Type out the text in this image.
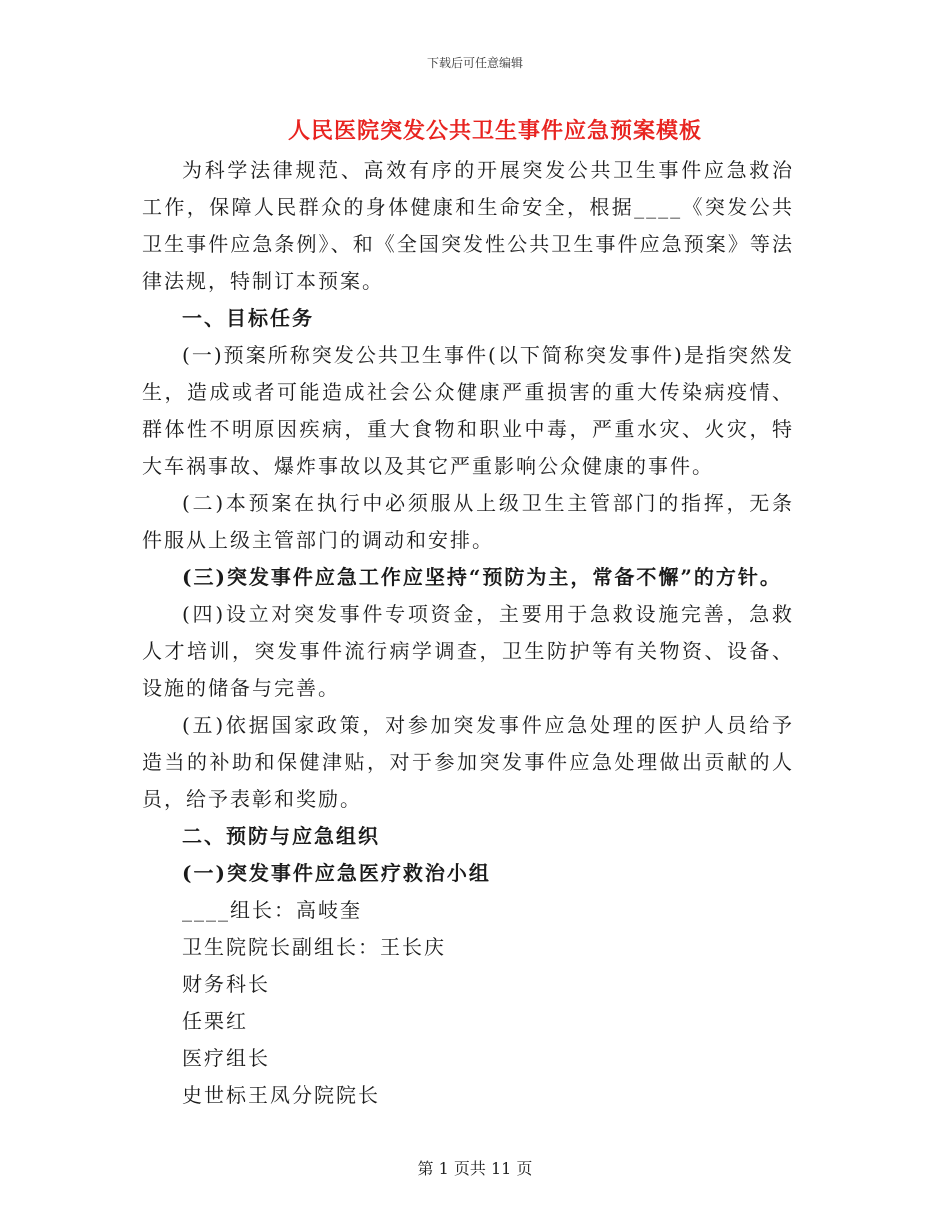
下载后可任意编辑
人民医院突发公共卫生事件应急预案模板

为科学法律规范、高效有序的开展突发公共卫生事件应急救治工作，保障人民群众的身体健康和生命安全，根据____《突发公共卫生事件应急条例》、和《全国突发性公共卫生事件应急预案》等法律法规，特制订本预案。

一、目标任务

(一)预案所称突发公共卫生事件(以下简称突发事件)是指突然发生，造成或者可能造成社会公众健康严重损害的重大传染病疫情、群体性不明原因疾病，重大食物和职业中毒，严重水灾、火灾，特大车祸事故、爆炸事故以及其它严重影响公众健康的事件。

(二)本预案在执行中必须服从上级卫生主管部门的指挥，无条件服从上级主管部门的调动和安排。

(三)突发事件应急工作应坚持“预防为主，常备不懈”的方针。

(四)设立对突发事件专项资金，主要用于急救设施完善，急救人才培训，突发事件流行病学调查，卫生防护等有关物资、设备、设施的储备与完善。

(五)依据国家政策，对参加突发事件应急处理的医护人员给予造当的补助和保健津贴，对于参加突发事件应急处理做出贡献的人员，给予表彰和奖励。

二、预防与应急组织

(一)突发事件应急医疗救治小组

____组长：高岐奎

卫生院院长副组长：王长庆

财务科长

任栗红

医疗组长

史世标王凤分院院长

第 1 页共 11 页
